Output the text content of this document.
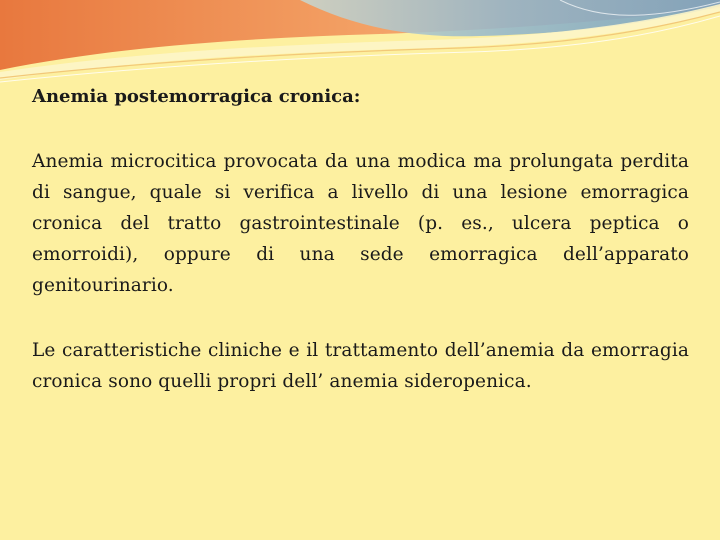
Anemia postemorragica cronica:

Anemia microcitica provocata da una modica ma prolungata perdita di sangue, quale si verifica a livello di una lesione emorragica cronica del tratto gastrointestinale (p. es., ulcera peptica o emorroidi), oppure di una sede emorragica dell’apparato genitourinario.

Le caratteristiche cliniche e il trattamento dell’anemia da emorragia cronica sono quelli propri dell’ anemia sideropenica.
